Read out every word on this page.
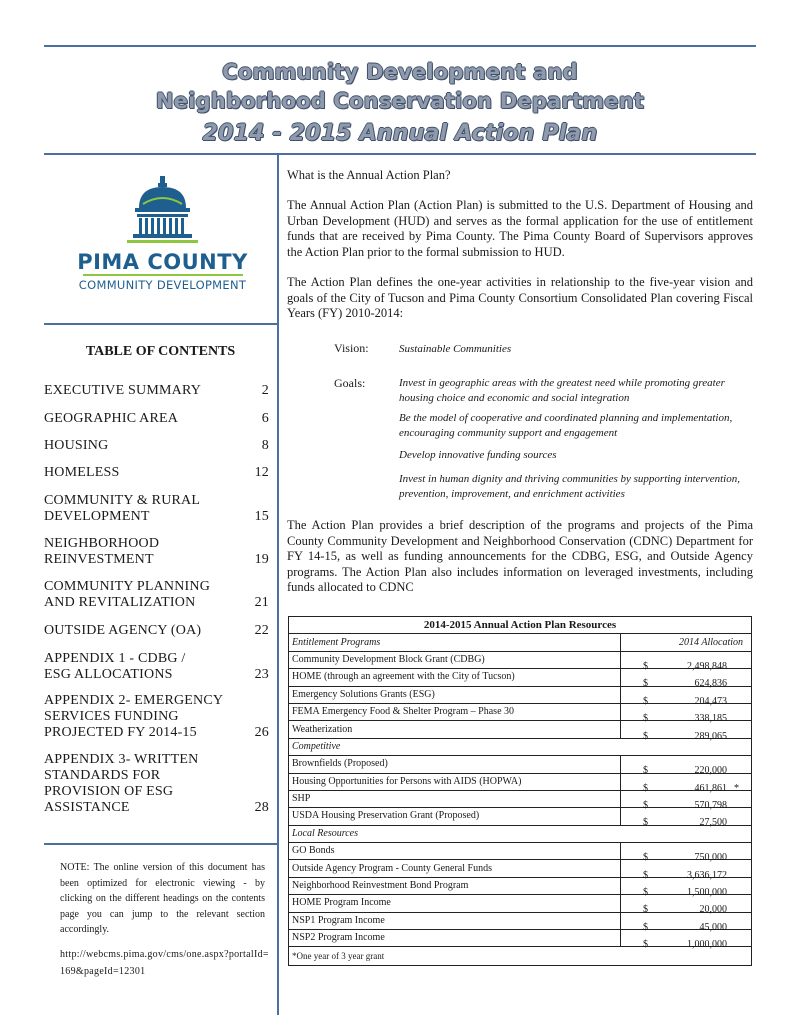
Community Development and
Neighborhood Conservation Department
2014 - 2015 Annual Action Plan
PIMA COUNTY
COMMUNITY DEVELOPMENT
TABLE OF CONTENTS
EXECUTIVE SUMMARY	2
GEOGRAPHIC AREA	6
HOUSING	8
HOMELESS	12
COMMUNITY & RURAL DEVELOPMENT	15
NEIGHBORHOOD REINVESTMENT	19
COMMUNITY PLANNING AND REVITALIZATION	21
OUTSIDE AGENCY (OA)	22
APPENDIX 1 - CDBG / ESG ALLOCATIONS	23
APPENDIX 2- EMERGENCY SERVICES FUNDING PROJECTED FY 2014-15	26
APPENDIX 3- WRITTEN STANDARDS FOR PROVISION OF ESG ASSISTANCE	28
NOTE: The online version of this document has been optimized for electronic viewing - by clicking on the different headings on the contents page you can jump to the relevant section accordingly.
http://webcms.pima.gov/cms/one.aspx?portalId=169&pageId=12301
What is the Annual Action Plan?
The Annual Action Plan (Action Plan) is submitted to the U.S. Department of Housing and Urban Development (HUD) and serves as the formal application for the use of entitlement funds that are received by Pima County. The Pima County Board of Supervisors approves the Action Plan prior to the formal submission to HUD.
The Action Plan defines the one-year activities in relationship to the five-year vision and goals of the City of Tucson and Pima County Consortium Consolidated Plan covering Fiscal Years (FY) 2010-2014:
Vision:	Sustainable Communities
Goals:	Invest in geographic areas with the greatest need while promoting greater housing choice and economic and social integration
Be the model of cooperative and coordinated planning and implementation, encouraging community support and engagement
Develop innovative funding sources
Invest in human dignity and thriving communities by supporting intervention, prevention, improvement, and enrichment activities
The Action Plan provides a brief description of the programs and projects of the Pima County Community Development and Neighborhood Conservation (CDNC) Department for FY 14-15, as well as funding announcements for the CDBG, ESG, and Outside Agency programs. The Action Plan also includes information on leveraged investments, including funds allocated to CDNC
2014-2015 Annual Action Plan Resources	
Entitlement Programs	2014 Allocation
Community Development Block Grant (CDBG)	$ 2,498,848

HOME (through an agreement with the City of Tucson)	$ 624,836

Emergency Solutions Grants (ESG)	$ 204,473

FEMA Emergency Food & Shelter Program – Phase 30	$ 338,185

Weatherization	$ 289,065

Competitive	
Brownfields (Proposed)	$ 220,000

Housing Opportunities for Persons with AIDS (HOPWA)	$ 461,861 *

SHP	$ 570,798

USDA Housing Preservation Grant (Proposed)	$ 27,500

Local Resources	
GO Bonds	$ 750,000

Outside Agency Program - County General Funds	$ 3,636,172

Neighborhood Reinvestment Bond Program	$ 1,500,000

HOME Program Income	$ 20,000

NSP1 Program Income	$ 45,000

NSP2 Program Income	$ 1,000,000

*One year of 3 year grant	
